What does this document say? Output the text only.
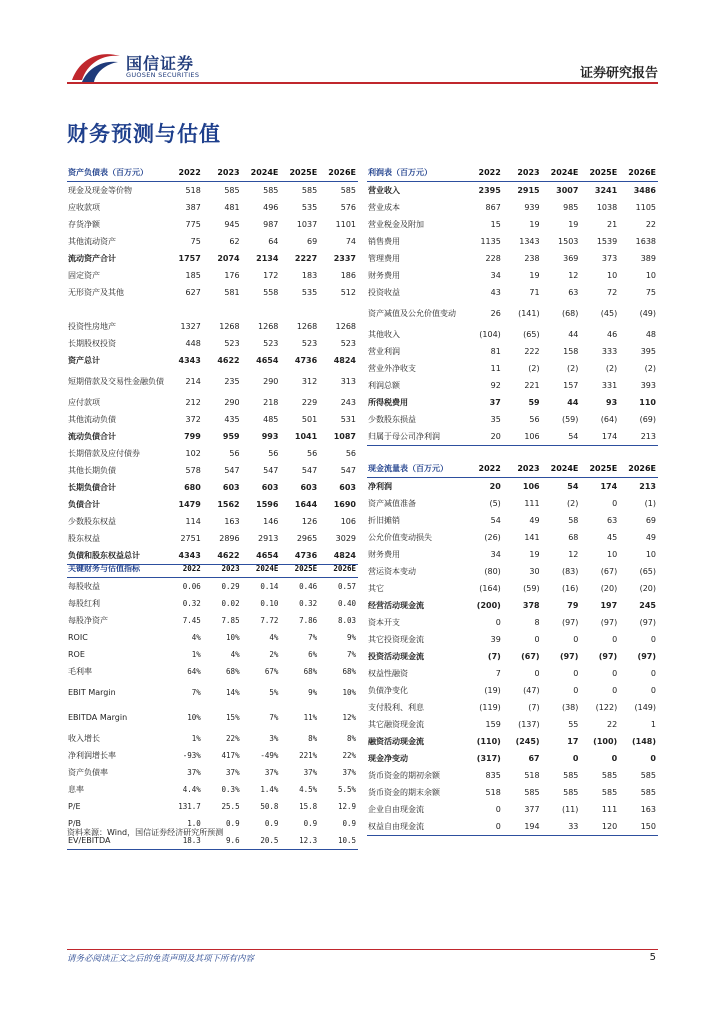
国信证券
GUOSEN SECURITIES	证券研究报告
财务预测与估值
资产负债表（百万元）	2022	2023	2024E	2025E	2026E
现金及现金等价物	518	585	585	585	585
应收款项	387	481	496	535	576
存货净额	775	945	987	1037	1101
其他流动资产	75	62	64	69	74
流动资产合计	1757	2074	2134	2227	2337
固定资产	185	176	172	183	186
无形资产及其他	627	581	558	535	512

投资性房地产	1327	1268	1268	1268	1268
长期股权投资	448	523	523	523	523
资产总计	4343	4622	4654	4736	4824
短期借款及交易性金融负债	214	235	290	312	313
应付款项	212	290	218	229	243
其他流动负债	372	435	485	501	531
流动负债合计	799	959	993	1041	1087
长期借款及应付债券	102	56	56	56	56
其他长期负债	578	547	547	547	547
长期负债合计	680	603	603	603	603
负债合计	1479	1562	1596	1644	1690
少数股东权益	114	163	146	126	106
股东权益	2751	2896	2913	2965	3029
负债和股东权益总计	4343	4622	4654	4736	4824
关键财务与估值指标	2022	2023	2024E	2025E	2026E
每股收益	0.06	0.29	0.14	0.46	0.57
每股红利	0.32	0.02	0.10	0.32	0.40
每股净资产	7.45	7.85	7.72	7.86	8.03
ROIC	4%	10%	4%	7%	9%
ROE	1%	4%	2%	6%	7%
毛利率	64%	68%	67%	68%	68%
EBIT Margin	7%	14%	5%	9%	10%
EBITDA Margin	10%	15%	7%	11%	12%
收入增长	1%	22%	3%	8%	8%
净利润增长率	-93%	417%	-49%	221%	22%
资产负债率	37%	37%	37%	37%	37%
息率	4.4%	0.3%	1.4%	4.5%	5.5%
P/E	131.7	25.5	50.8	15.8	12.9
P/B	1.0	0.9	0.9	0.9	0.9
EV/EBITDA	18.3	9.6	20.5	12.3	10.5
利润表（百万元）	2022	2023	2024E	2025E	2026E
营业收入	2395	2915	3007	3241	3486
营业成本	867	939	985	1038	1105
营业税金及附加	15	19	19	21	22
销售费用	1135	1343	1503	1539	1638
管理费用	228	238	369	373	389
财务费用	34	19	12	10	10
投资收益	43	71	63	72	75
资产减值及公允价值变动	26	(141)	(68)	(45)	(49)
其他收入	(104)	(65)	44	46	48
营业利润	81	222	158	333	395
营业外净收支	11	(2)	(2)	(2)	(2)
利润总额	92	221	157	331	393
所得税费用	37	59	44	93	110
少数股东损益	35	56	(59)	(64)	(69)
归属于母公司净利润	20	106	54	174	213
现金流量表（百万元）	2022	2023	2024E	2025E	2026E
净利润	20	106	54	174	213
资产减值准备	(5)	111	(2)	0	(1)
折旧摊销	54	49	58	63	69
公允价值变动损失	(26)	141	68	45	49
财务费用	34	19	12	10	10
营运资本变动	(80)	30	(83)	(67)	(65)
其它	(164)	(59)	(16)	(20)	(20)
经营活动现金流	(200)	378	79	197	245
资本开支	0	8	(97)	(97)	(97)
其它投资现金流	39	0	0	0	0
投资活动现金流	(7)	(67)	(97)	(97)	(97)
权益性融资	7	0	0	0	0
负债净变化	(19)	(47)	0	0	0
支付股利、利息	(119)	(7)	(38)	(122)	(149)
其它融资现金流	159	(137)	55	22	1
融资活动现金流	(110)	(245)	17	(100)	(148)
现金净变动	(317)	67	0	0	0
货币资金的期初余额	835	518	585	585	585
货币资金的期末余额	518	585	585	585	585
企业自由现金流	0	377	(11)	111	163
权益自由现金流	0	194	33	120	150
资料来源：Wind，国信证券经济研究所预测
请务必阅读正文之后的免责声明及其项下所有内容	5
